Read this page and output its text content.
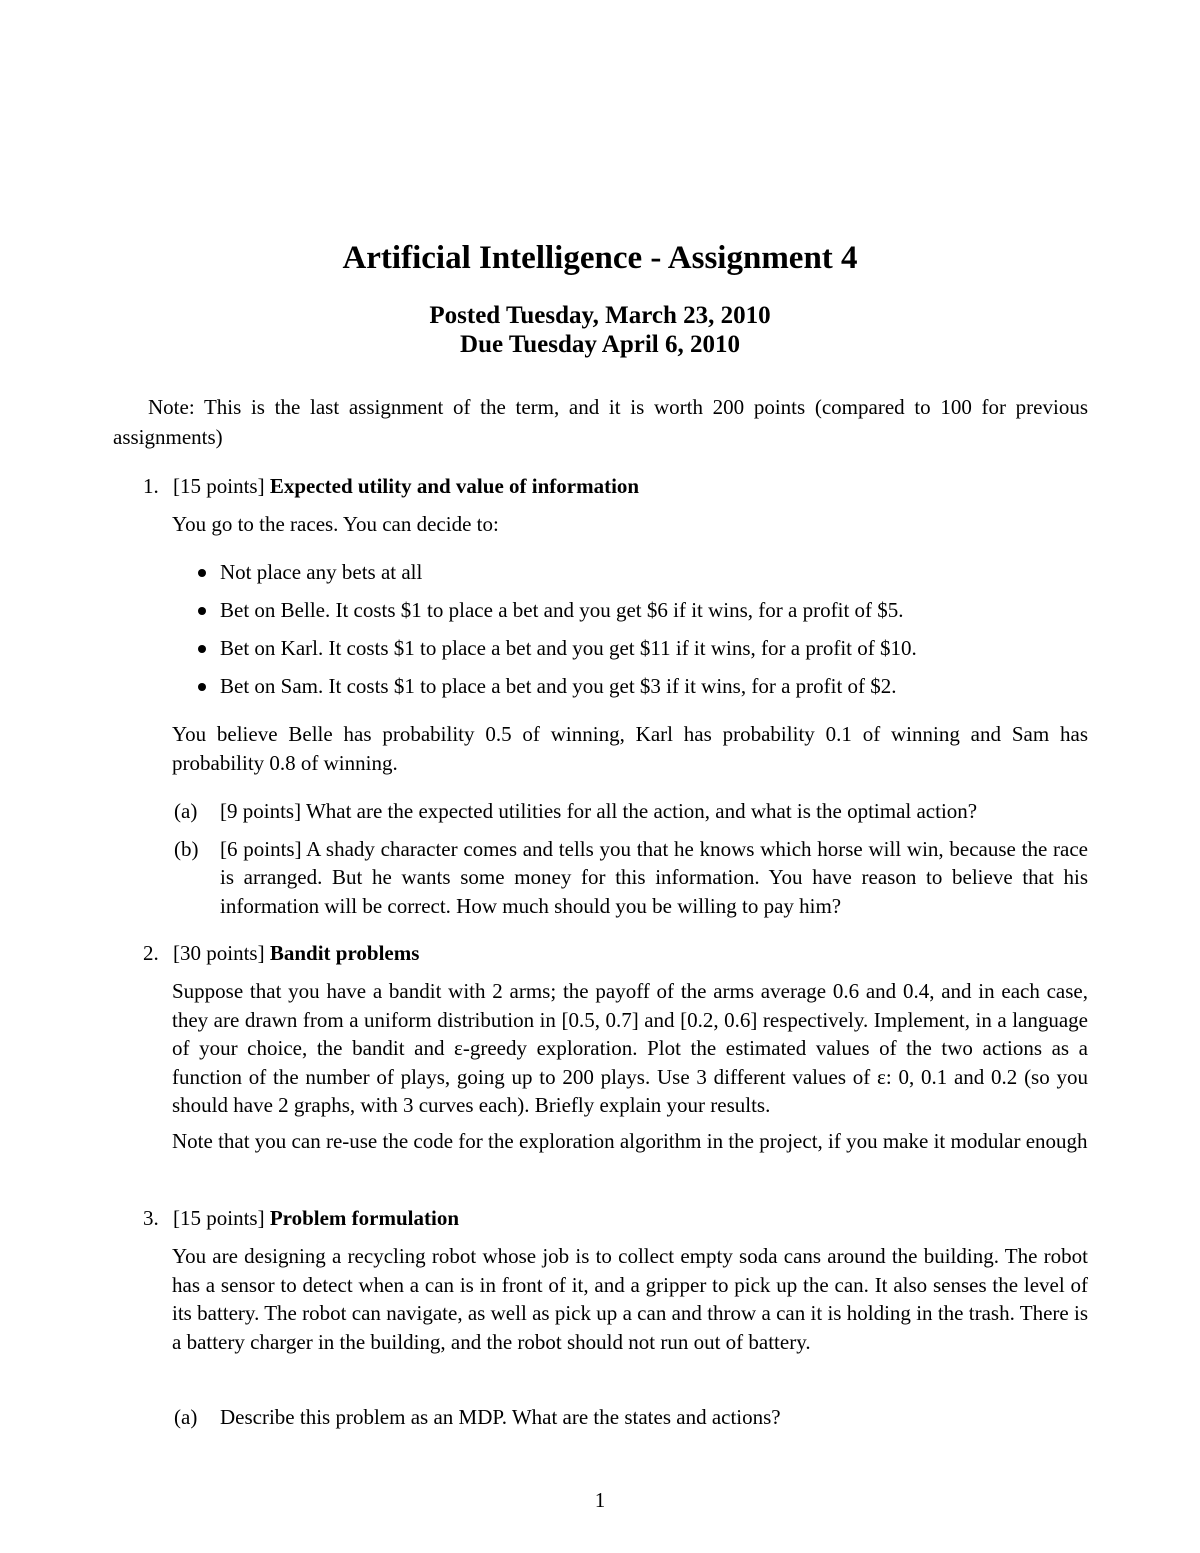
Artificial Intelligence - Assignment 4

Posted Tuesday, March 23, 2010

Due Tuesday April 6, 2010

Note: This is the last assignment of the term, and it is worth 200 points (compared to 100 for previous assignments)

1. [15 points] Expected utility and value of information

You go to the races. You can decide to:

Not place any bets at all
Bet on Belle. It costs $1 to place a bet and you get $6 if it wins, for a profit of $5.
Bet on Karl. It costs $1 to place a bet and you get $11 if it wins, for a profit of $10.
Bet on Sam. It costs $1 to place a bet and you get $3 if it wins, for a profit of $2.

You believe Belle has probability 0.5 of winning, Karl has probability 0.1 of winning and Sam has probability 0.8 of winning.

(a) [9 points] What are the expected utilities for all the action, and what is the optimal action?
(b) [6 points] A shady character comes and tells you that he knows which horse will win, because the race is arranged. But he wants some money for this information. You have reason to believe that his information will be correct. How much should you be willing to pay him?
2. [30 points] Bandit problems

Suppose that you have a bandit with 2 arms; the payoff of the arms average 0.6 and 0.4, and in each case, they are drawn from a uniform distribution in [0.5, 0.7] and [0.2, 0.6] respectively. Implement, in a language of your choice, the bandit and ε-greedy exploration. Plot the estimated values of the two actions as a function of the number of plays, going up to 200 plays. Use 3 different values of ε: 0, 0.1 and 0.2 (so you should have 2 graphs, with 3 curves each). Briefly explain your results.

Note that you can re-use the code for the exploration algorithm in the project, if you make it modular enough

3. [15 points] Problem formulation

You are designing a recycling robot whose job is to collect empty soda cans around the building. The robot has a sensor to detect when a can is in front of it, and a gripper to pick up the can. It also senses the level of its battery. The robot can navigate, as well as pick up a can and throw a can it is holding in the trash. There is a battery charger in the building, and the robot should not run out of battery.

(a) Describe this problem as an MDP. What are the states and actions?

1
